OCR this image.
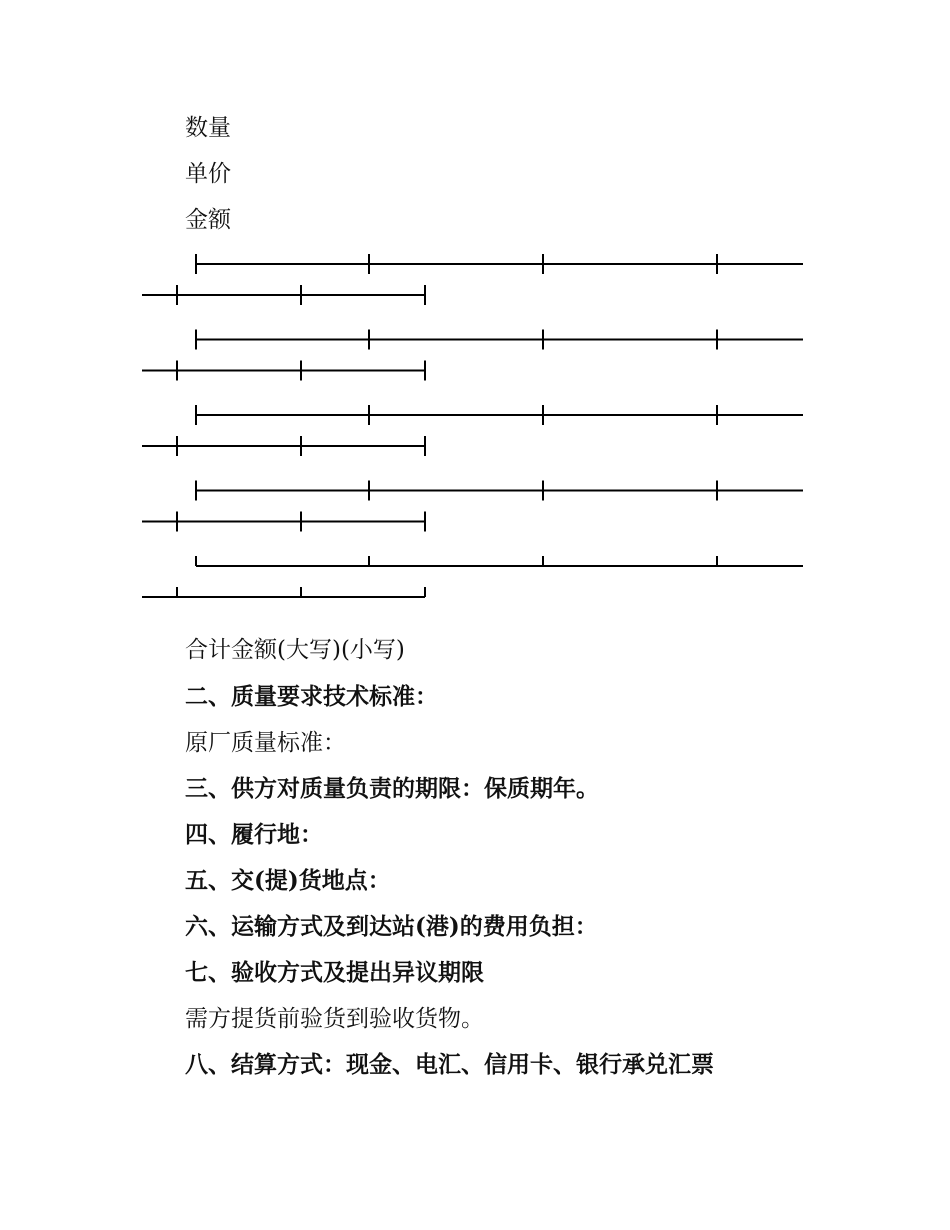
数量
单价
金额
合计金额(大写)(小写)
二、质量要求技术标准：
原厂质量标准：
三、供方对质量负责的期限：保质期年。
四、履行地：
五、交(提)货地点：
六、运输方式及到达站(港)的费用负担：
七、验收方式及提出异议期限
需方提货前验货到验收货物。
八、结算方式：现金、电汇、信用卡、银行承兑汇票
